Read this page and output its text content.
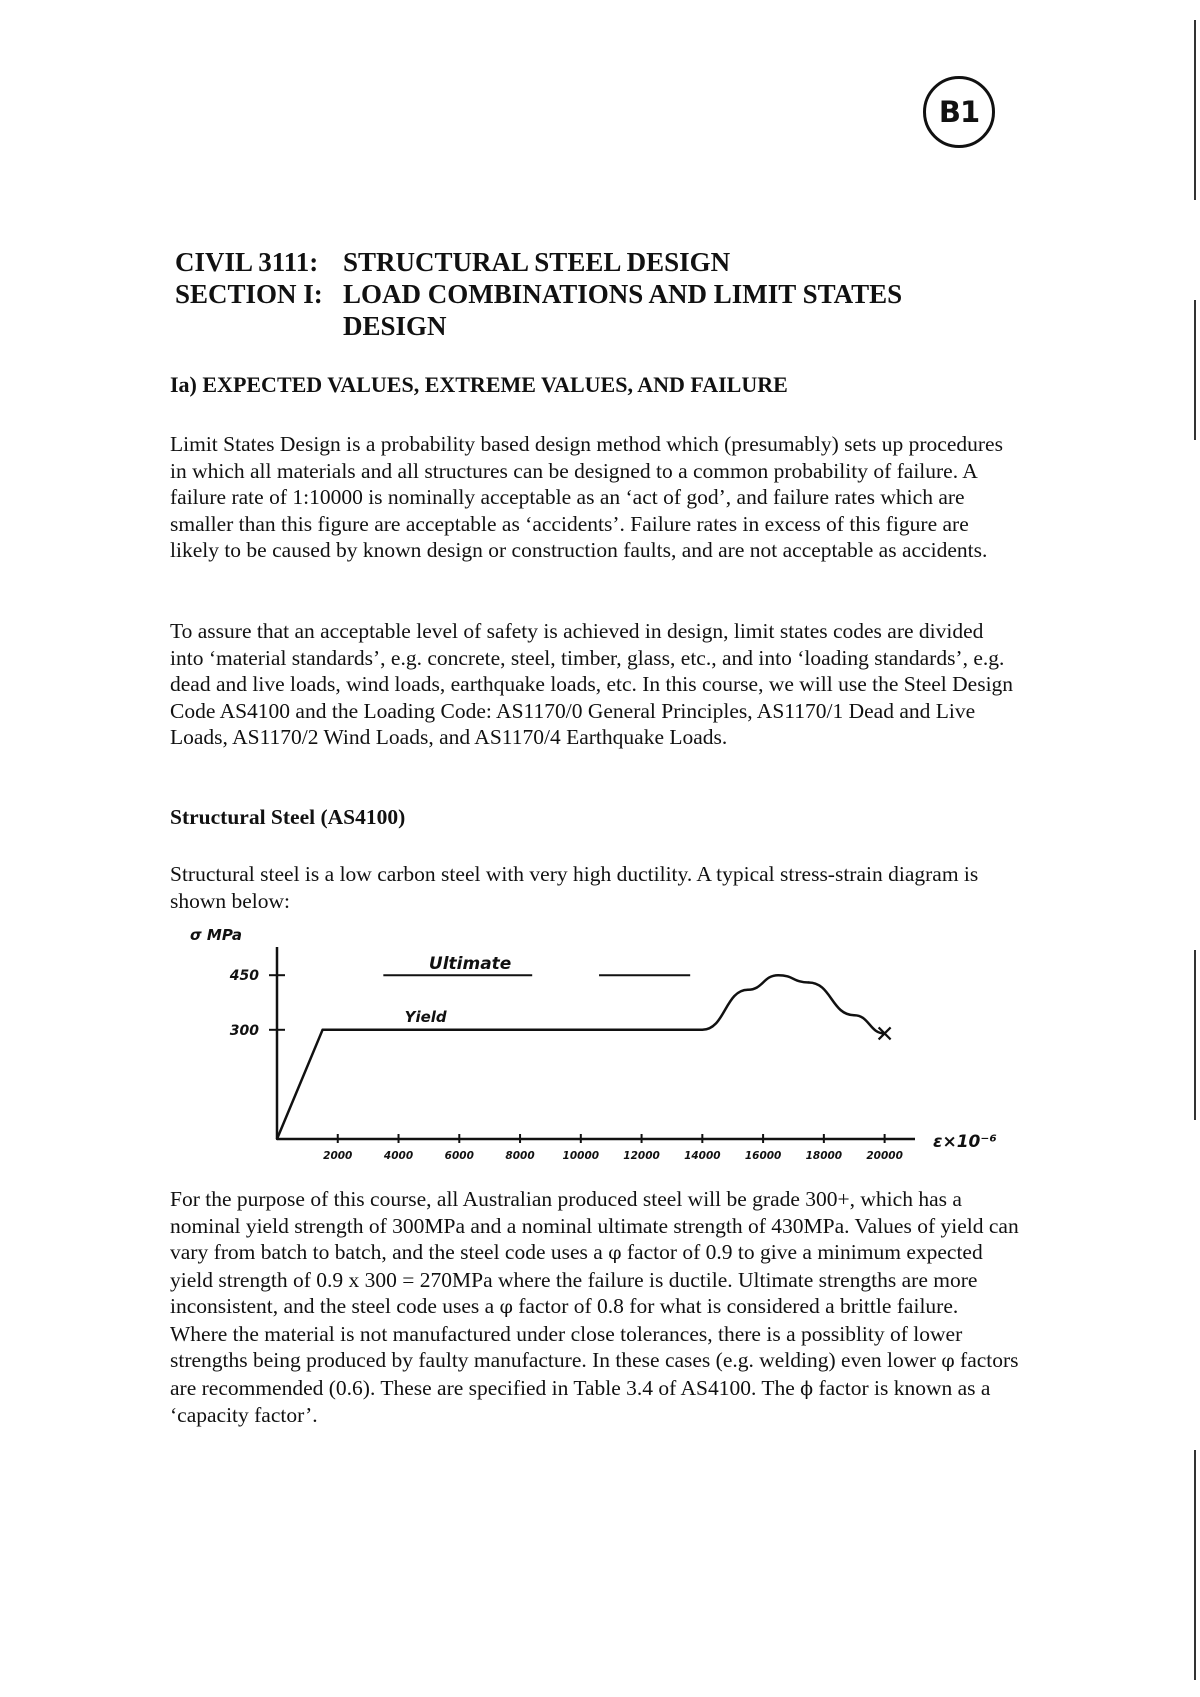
B1
CIVIL 3111: STRUCTURAL STEEL DESIGN
SECTION I: LOAD COMBINATIONS AND LIMIT STATES DESIGN
Ia) EXPECTED VALUES, EXTREME VALUES, AND FAILURE

Limit States Design is a probability based design method which (presumably) sets up procedures in which all materials and all structures can be designed to a common probability of failure. A failure rate of 1:10000 is nominally acceptable as an ‘act of god’, and failure rates which are smaller than this figure are acceptable as ‘accidents’. Failure rates in excess of this figure are likely to be caused by known design or construction faults, and are not acceptable as accidents.

To assure that an acceptable level of safety is achieved in design, limit states codes are divided into ‘material standards’, e.g. concrete, steel, timber, glass, etc., and into ‘loading standards’, e.g. dead and live loads, wind loads, earthquake loads, etc. In this course, we will use the Steel Design Code AS4100 and the Loading Code: AS1170/0 General Principles, AS1170/1 Dead and Live Loads, AS1170/2 Wind Loads, and AS1170/4 Earthquake Loads.

Structural Steel (AS4100)

Structural steel is a low carbon steel with very high ductility. A typical stress-strain diagram is shown below:

σ MPa
ε×10⁻⁶
300
450
2000	4000	6000	8000	10000 12000 14000 16000 18000 20000
Ultimate
Yield

For the purpose of this course, all Australian produced steel will be grade 300+, which has a nominal yield strength of 300MPa and a nominal ultimate strength of 430MPa. Values of yield can vary from batch to batch, and the steel code uses a φ factor of 0.9 to give a minimum expected yield strength of 0.9 x 300 = 270MPa where the failure is ductile. Ultimate strengths are more inconsistent, and the steel code uses a φ factor of 0.8 for what is considered a brittle failure. Where the material is not manufactured under close tolerances, there is a possiblity of lower strengths being produced by faulty manufacture. In these cases (e.g. welding) even lower φ factors are recommended (0.6). These are specified in Table 3.4 of AS4100. The ϕ factor is known as a ‘capacity factor’.
